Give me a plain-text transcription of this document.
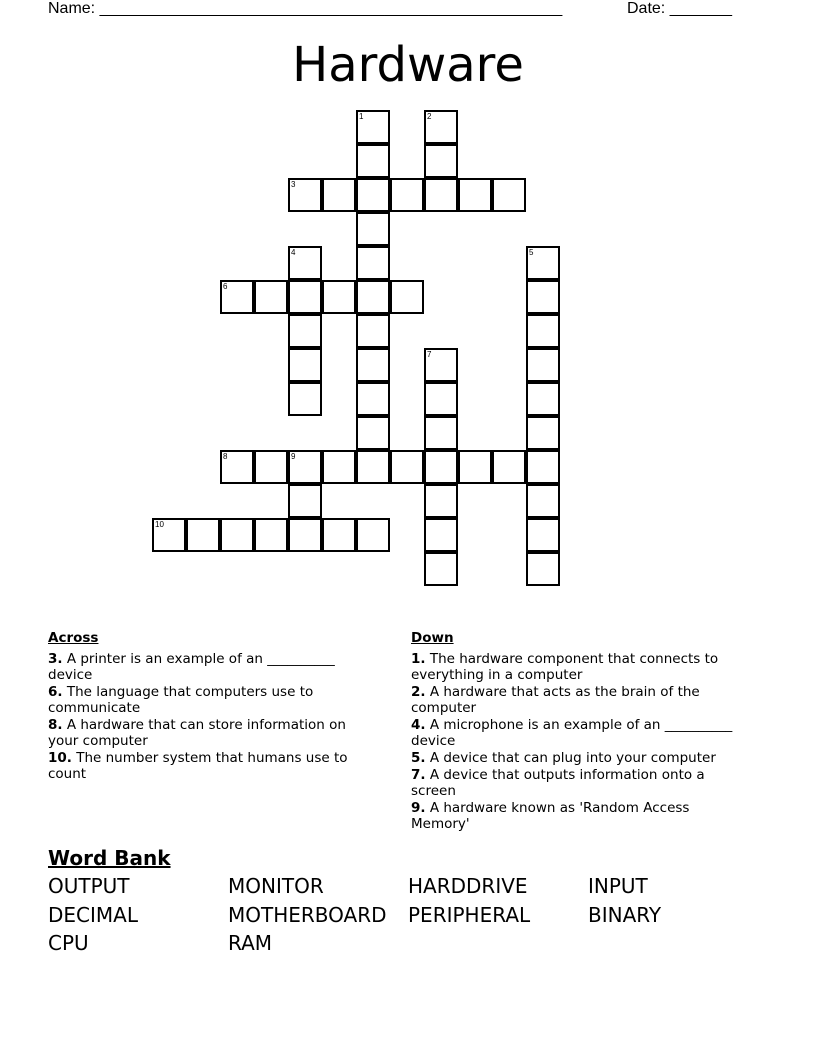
Name: ____________________________________________________	Date: _______
Hardware
1	2
3
4	5
6
7
8	9
10
Across
3. A printer is an example of an __________ device
6. The language that computers use to communicate
8. A hardware that can store information on your computer
10. The number system that humans use to count
Down
1. The hardware component that connects to everything in a computer
2. A hardware that acts as the brain of the computer
4. A microphone is an example of an __________ device
5. A device that can plug into your computer
7. A device that outputs information onto a screen
9. A hardware known as 'Random Access Memory'
Word Bank
OUTPUT	MONITOR	HARDDRIVE	INPUT
DECIMAL	MOTHERBOARD PERIPHERAL	BINARY
CPU	RAM
